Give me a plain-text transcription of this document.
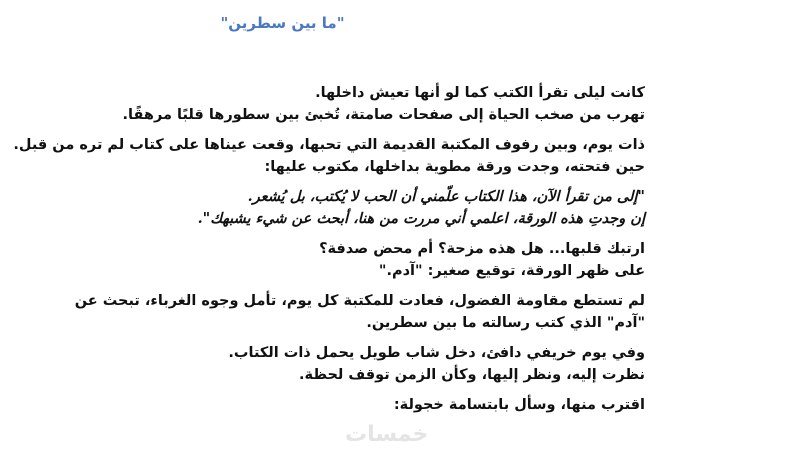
"ما بين سطرين"
كانت ليلى تقرأ الكتب كما لو أنها تعيش داخلها.
تهرب من صخب الحياة إلى صفحات صامتة، تُخبئ بين سطورها قلبًا مرهقًا.
ذات يوم، وبين رفوف المكتبة القديمة التي تحبها، وقعت عيناها على كتاب لم تره من قبل.
حين فتحته، وجدت ورقة مطوية بداخلها، مكتوب عليها:
"إلى من تقرأ الآن، هذا الكتاب علّمني أن الحب لا يُكتب، بل يُشعر.
إن وجدتِ هذه الورقة، اعلمي أني مررت من هنا، أبحث عن شيء يشبهك".
ارتبك قلبها... هل هذه مزحة؟ أم محض صدفة؟
على ظهر الورقة، توقيع صغير: "آدم."
لم تستطع مقاومة الفضول، فعادت للمكتبة كل يوم، تأمل وجوه الغرباء، تبحث عن "آدم" الذي كتب رسالته ما بين سطرين.
وفي يوم خريفي دافئ، دخل شاب طويل يحمل ذات الكتاب.
نظرت إليه، ونظر إليها، وكأن الزمن توقف لحظة.
اقترب منها، وسأل بابتسامة خجولة:
خمسات
